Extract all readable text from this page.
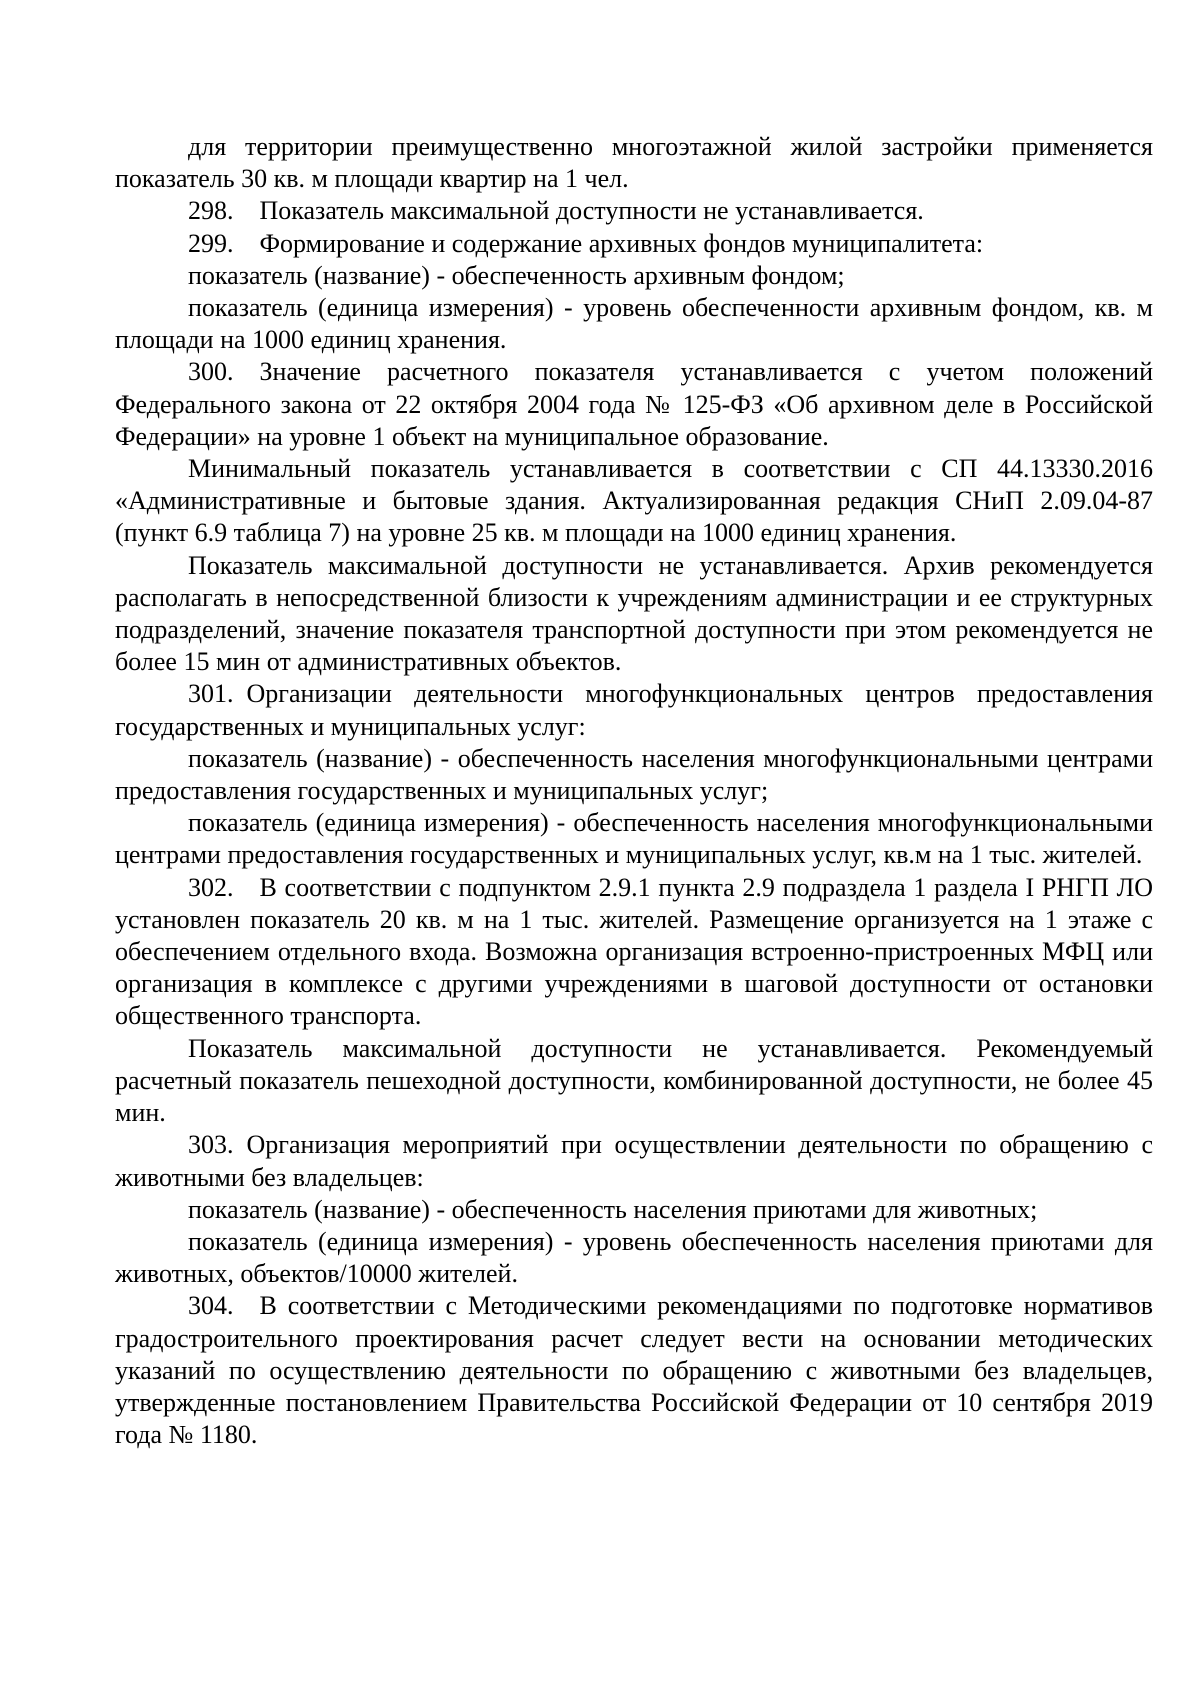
для территории преимущественно многоэтажной жилой застройки применяется показатель 30 кв. м площади квартир на 1 чел.

298. Показатель максимальной доступности не устанавливается.

299. Формирование и содержание архивных фондов муниципалитета:

показатель (название) - обеспеченность архивным фондом;

показатель (единица измерения) - уровень обеспеченности архивным фондом, кв. м площади на 1000 единиц хранения.

300. Значение расчетного показателя устанавливается с учетом положений Федерального закона от 22 октября 2004 года № 125-ФЗ «Об архивном деле в Российской Федерации» на уровне 1 объект на муниципальное образование.

Минимальный показатель устанавливается в соответствии с СП 44.13330.2016 «Административные и бытовые здания. Актуализированная редакция СНиП 2.09.04-87 (пункт 6.9 таблица 7) на уровне 25 кв. м площади на 1000 единиц хранения.

Показатель максимальной доступности не устанавливается. Архив рекомендуется располагать в непосредственной близости к учреждениям администрации и ее структурных подразделений, значение показателя транспортной доступности при этом рекомендуется не более 15 мин от административных объектов.

301. Организации деятельности многофункциональных центров предоставления государственных и муниципальных услуг:

показатель (название) - обеспеченность населения многофункциональными центрами предоставления государственных и муниципальных услуг;

показатель (единица измерения) - обеспеченность населения многофункциональными центрами предоставления государственных и муниципальных услуг, кв.м на 1 тыс. жителей.

302. В соответствии с подпунктом 2.9.1 пункта 2.9 подраздела 1 раздела I РНГП ЛО установлен показатель 20 кв. м на 1 тыс. жителей. Размещение организуется на 1 этаже с обеспечением отдельного входа. Возможна организация встроенно-пристроенных МФЦ или организация в комплексе с другими учреждениями в шаговой доступности от остановки общественного транспорта.

Показатель максимальной доступности не устанавливается. Рекомендуемый расчетный показатель пешеходной доступности, комбинированной доступности, не более 45 мин.

303. Организация мероприятий при осуществлении деятельности по обращению с животными без владельцев:

показатель (название) - обеспеченность населения приютами для животных;

показатель (единица измерения) - уровень обеспеченность населения приютами для животных, объектов/10000 жителей.

304. В соответствии с Методическими рекомендациями по подготовке нормативов градостроительного проектирования расчет следует вести на основании методических указаний по осуществлению деятельности по обращению с животными без владельцев, утвержденные постановлением Правительства Российской Федерации от 10 сентября 2019 года № 1180.
